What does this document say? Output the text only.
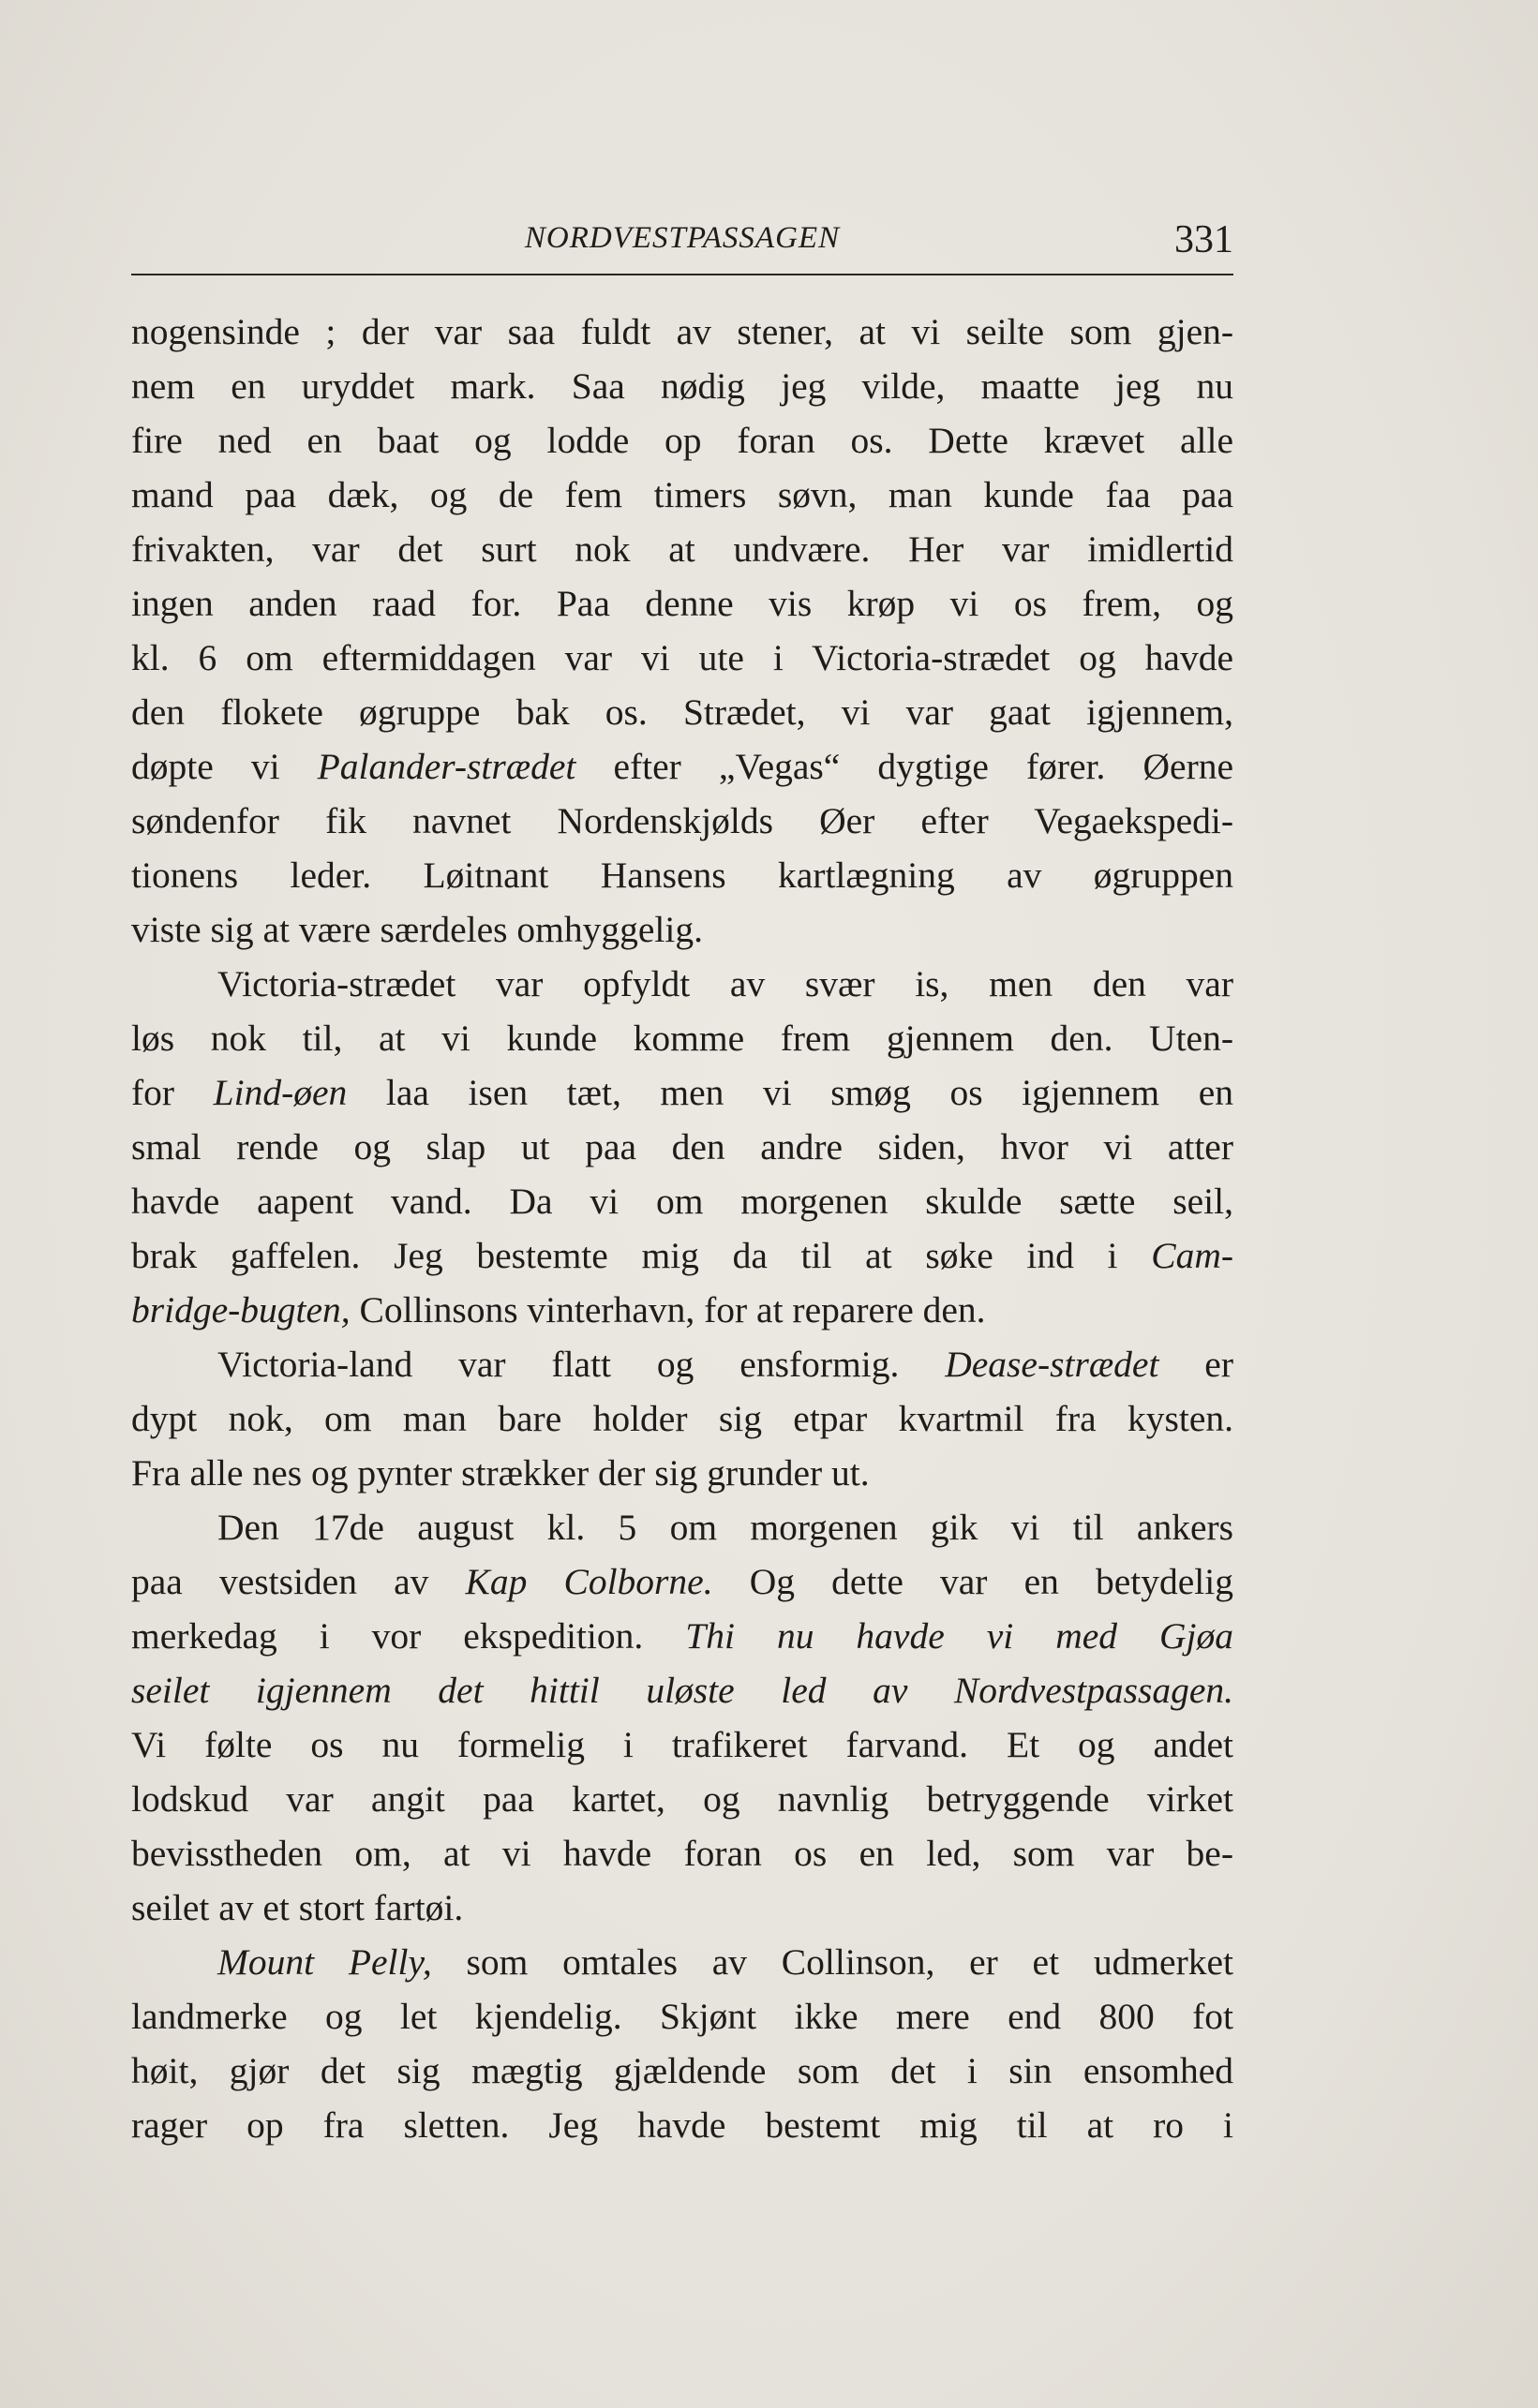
NORDVESTPASSAGEN	331
nogensinde ; der var saa fuldt av stener, at vi seilte som gjen-
nem en uryddet mark. Saa nødig jeg vilde, maatte jeg nu
fire ned en baat og lodde op foran os. Dette krævet alle
mand paa dæk, og de fem timers søvn, man kunde faa paa
frivakten, var det surt nok at undvære. Her var imidlertid
ingen anden raad for. Paa denne vis krøp vi os frem, og
kl. 6 om eftermiddagen var vi ute i Victoria-strædet og havde
den flokete øgruppe bak os. Strædet, vi var gaat igjennem,
døpte vi Palander-strædet efter „Vegas“ dygtige fører. Øerne
søndenfor fik navnet Nordenskjølds Øer efter Vegaekspedi-
tionens leder. Løitnant Hansens kartlægning av øgruppen
viste sig at være særdeles omhyggelig.
Victoria-strædet var opfyldt av svær is, men den var
løs nok til, at vi kunde komme frem gjennem den. Uten-
for Lind-øen laa isen tæt, men vi smøg os igjennem en
smal rende og slap ut paa den andre siden, hvor vi atter
havde aapent vand. Da vi om morgenen skulde sætte seil,
brak gaffelen. Jeg bestemte mig da til at søke ind i Cam-
bridge-bugten, Collinsons vinterhavn, for at reparere den.
Victoria-land var flatt og ensformig. Dease-strædet er
dypt nok, om man bare holder sig etpar kvartmil fra kysten.
Fra alle nes og pynter strækker der sig grunder ut.
Den 17de august kl. 5 om morgenen gik vi til ankers
paa vestsiden av Kap Colborne. Og dette var en betydelig
merkedag i vor ekspedition. Thi nu havde vi med Gjøa
seilet igjennem det hittil uløste led av Nordvestpassagen.
Vi følte os nu formelig i trafikeret farvand. Et og andet
lodskud var angit paa kartet, og navnlig betryggende virket
bevisstheden om, at vi havde foran os en led, som var be-
seilet av et stort fartøi.
Mount Pelly, som omtales av Collinson, er et udmerket
landmerke og let kjendelig. Skjønt ikke mere end 800 fot
høit, gjør det sig mægtig gjældende som det i sin ensomhed
rager op fra sletten. Jeg havde bestemt mig til at ro i
